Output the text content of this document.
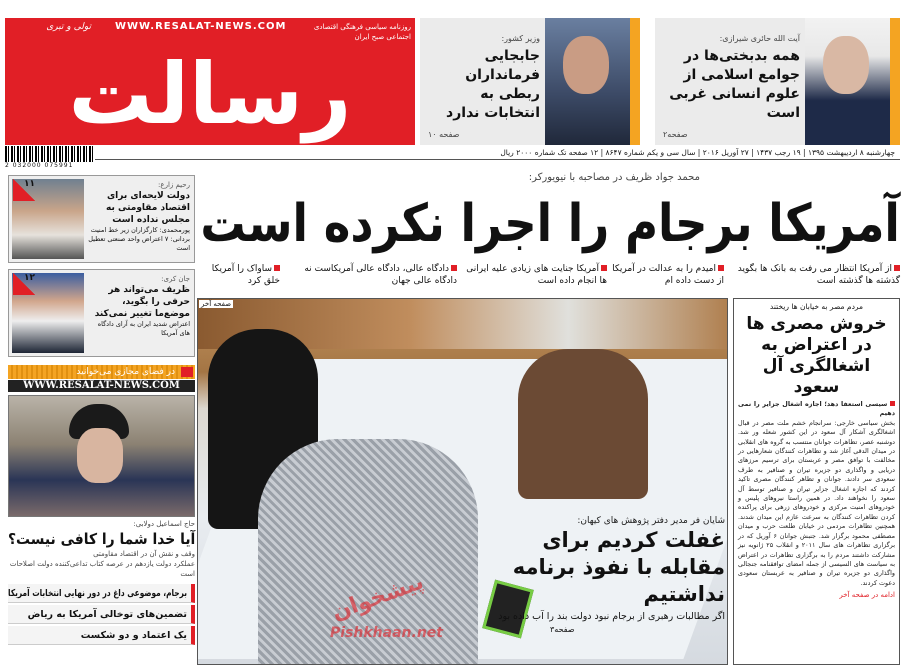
تولی و تبری WWW.RESALAT-NEWS.COM	روزنامه سیاسی فرهنگی اقتصادی اجتماعی صبح ایران
رسالت
وزیر کشور:
جابجایی فرمانداران ربطی به انتخابات ندارد
صفحه ۱۰
آیت الله حائری شیرازی:
همه بدبختی‌ها در جوامع اسلامی از علوم انسانی غربی است
صفحه۲
2 032000 075991
چهارشنبه ۸ اردیبهشت ۱۳۹۵ | ۱۹ رجب ۱۴۳۷ | ۲۷ آوریل ۲۰۱۶ | سال سی و یکم شماره ۸۶۴۷ | ۱۲ صفحه تک شماره ۲۰۰۰ ریال
محمد جواد ظریف در مصاحبه با نیویورکر:
آمریکا برجام را اجرا نکرده است
از آمریکا انتظار می رفت به بانک ها بگوید گذشته ها گذشته است
امیدم را به عدالت در آمریکا از دست داده ام
آمریکا جنایت های زیادی علیه ایرانی ها انجام داده است
دادگاه عالی، دادگاه عالی آمریکاست نه دادگاه عالی جهان
ساواک را آمریکا خلق کرد
۱۱	رحیم زارع:
دولت لایحه‌ای برای اقتصاد مقاومتی به مجلس نداده است
پورمحمدی: کارگزاران زیر خط امنیت
بردانی: ۷ اعتراض واحد صنعتی تعطیل است
۱۲	جان کری:
ظریف می‌تواند هر حرفی را بگوید، موضع‌ما تغییر نمی‌کند
اعتراض شدید ایران به آرای دادگاه های آمریکا
در فضای مجازی می‌خوانید
WWW.RESALAT-NEWS.COM
حاج اسماعیل دولابی:
آیا خدا شما را کافی نیست؟
وقف و نقش آن در اقتصاد مقاومتی
عملکرد دولت یازدهم در عرصه کتاب تداعی‌کننده دولت اصلاحات است
برجام، موضوعی داغ در دور نهایی انتخابات آمریکا
تضمین‌های توخالی آمریکا به ریاض
یک اعتماد و دو شکست
صفحه آخر
شایان فر مدیر دفتر پژوهش های کیهان:
غفلت کردیم برای مقابله با نفوذ برنامه نداشتیم
اگر مطالبات رهبری از برجام نبود دولت بند را آب داده بود
صفحه۳
مردم مصر به خیابان ها ریختند
خروش مصری ها در اعتراض به اشغالگری آل سعود
سیسی استعفا دهد؛ اجازه اشغال جزایر را نمی دهیم
بخش سیاسی خارجی: سرانجام خشم ملت مصر در قبال اشغالگری آشکار آل سعود در این کشور شعله ور شد. دوشنبه عصر، تظاهرات جوانان منتسب به گروه های انقلابی در میدان الدقی آغاز شد و تظاهرات کنندگان شعارهایی در مخالفت با توافق مصر و عربستان برای ترسیم مرزهای دریایی و واگذاری دو جزیره تیران و صنافیر به طرف سعودی سر دادند. جوانان و تظاهر کنندگان مصری تاکید کردند که اجازه اشغال جزایر تیران و صنافیر توسط آل سعود را نخواهند داد. در همین راستا نیروهای پلیس و خودروهای امنیت مرکزی و خودروهای زرهی برای پراکنده کردن تظاهرات کنندگان به سرعت عازم این میدان شدند. همچنین تظاهرات مردمی در خیابان طلعت حرب و میدان مصطفی محمود برگزار شد. جنبش جوانان ۶ آوریل که در برگزاری تظاهرات های سال ۲۰۱۱ و انقلاب ۲۵ ژانویه نیز مشارکت داشتند مردم را به برگزاری تظاهرات در اعتراض به سیاست های السیسی از جمله امضای توافقنامه جنجالی واگذاری دو جزیره تیران و صنافیر به عربستان سعودی دعوت کردند.
ادامه در صفحه آخر
پیشخوان
Pishkhaan.net
